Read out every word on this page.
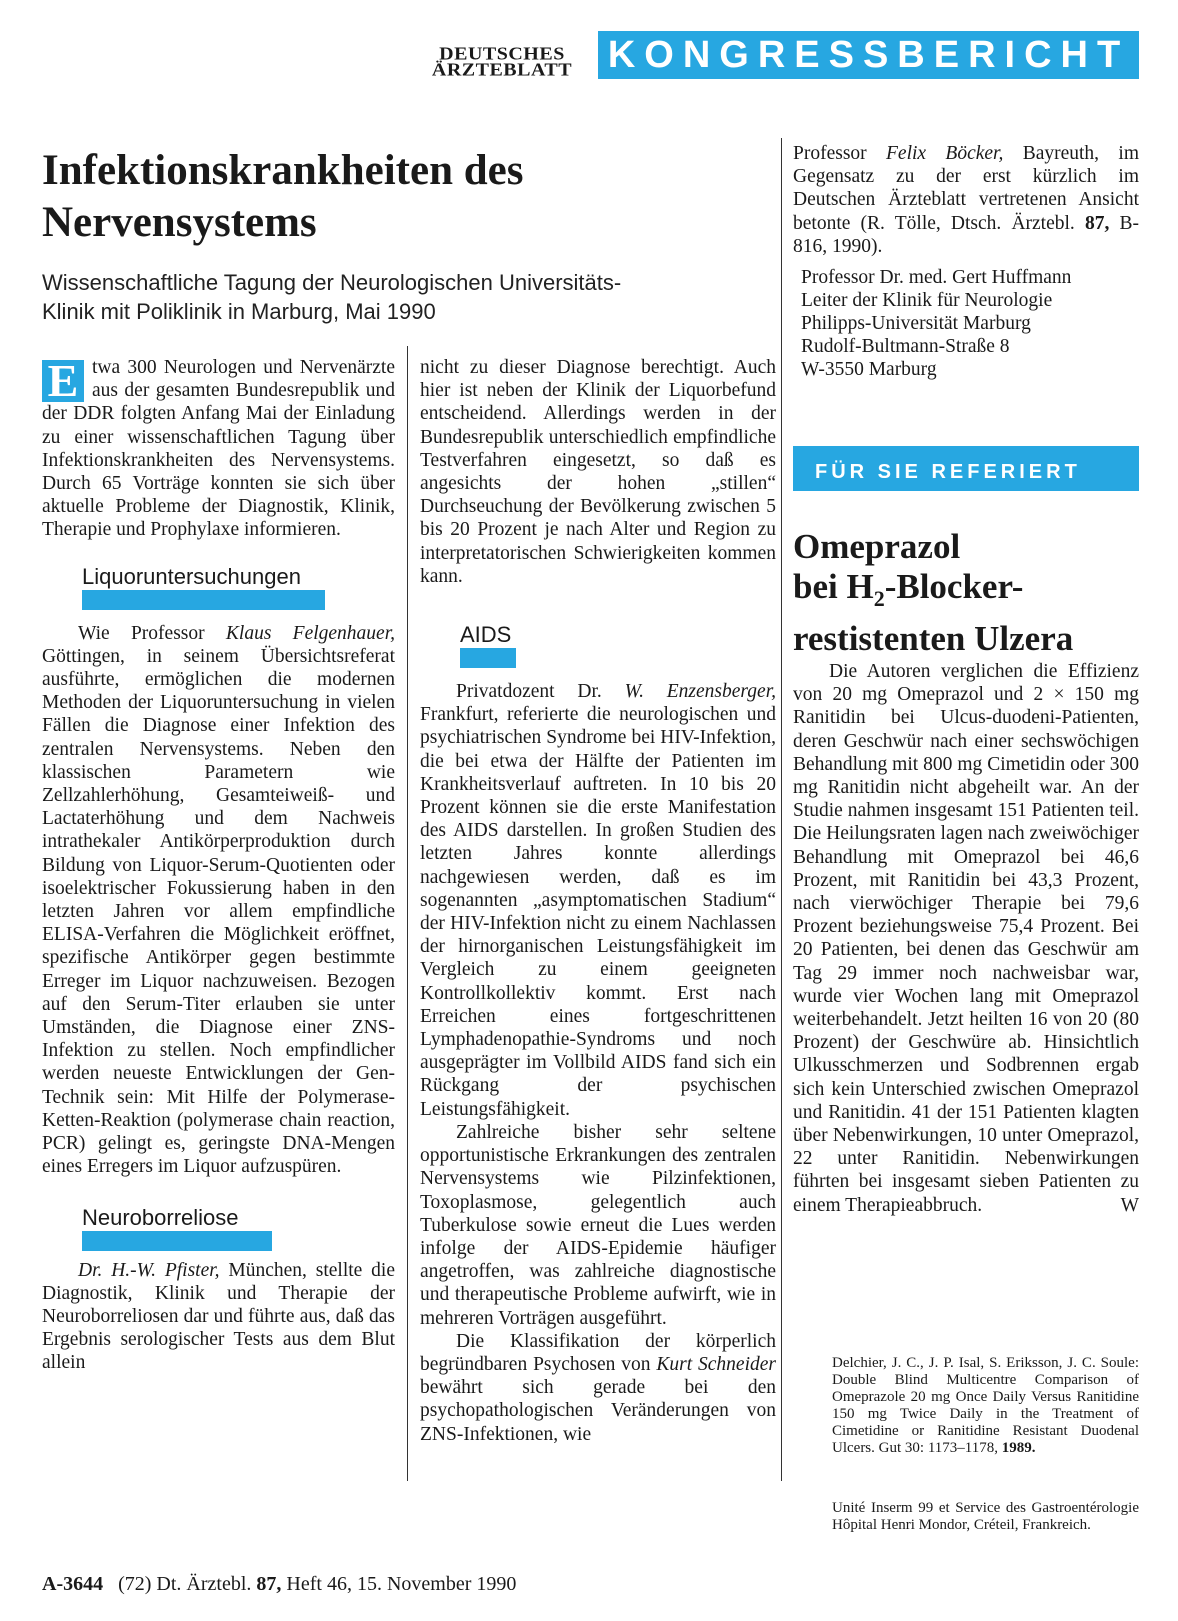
DEUTSCHES
ÄRZTEBLATT KONGRESSBERICHT
Infektionskrankheiten des
Nervensystems
Wissenschaftliche Tagung der Neurologischen Universitäts-
Klinik mit Poliklinik in Marburg, Mai 1990

E twa 300 Neurologen und Nervenärzte aus der gesamten Bundesrepublik und der DDR folgten Anfang Mai der Einladung zu einer wissenschaftlichen Tagung über Infektionskrankheiten des Nervensystems. Durch 65 Vorträge konnten sie sich über aktuelle Probleme der Diagnostik, Klinik, Therapie und Prophylaxe informieren.

Liquoruntersuchungen

Wie Professor Klaus Felgenhauer, Göttingen, in seinem Übersichtsreferat ausführte, ermöglichen die modernen Methoden der Liquoruntersuchung in vielen Fällen die Diagnose einer Infektion des zentralen Nervensystems. Neben den klassischen Parametern wie Zellzahlerhöhung, Gesamteiweiß- und Lactaterhöhung und dem Nachweis intrathekaler Antikörperproduktion durch Bildung von Liquor-Serum-Quotienten oder isoelektrischer Fokussierung haben in den letzten Jahren vor allem empfindliche ELISA-Verfahren die Möglichkeit eröffnet, spezifische Antikörper gegen bestimmte Erreger im Liquor nachzuweisen. Bezogen auf den Serum-Titer erlauben sie unter Umständen, die Diagnose einer ZNS-Infektion zu stellen. Noch empfindlicher werden neueste Entwicklungen der Gen-Technik sein: Mit Hilfe der Polymerase-Ketten-Reaktion (polymerase chain reaction, PCR) gelingt es, geringste DNA-Mengen eines Erregers im Liquor aufzuspüren.

Neuroborreliose

Dr. H.-W. Pfister, München, stellte die Diagnostik, Klinik und Therapie der Neuroborreliosen dar und führte aus, daß das Ergebnis serologischer Tests aus dem Blut allein

nicht zu dieser Diagnose berechtigt. Auch hier ist neben der Klinik der Liquorbefund entscheidend. Allerdings werden in der Bundesrepublik unterschiedlich empfindliche Testverfahren eingesetzt, so daß es angesichts der hohen „stillen“ Durchseuchung der Bevölkerung zwischen 5 bis 20 Prozent je nach Alter und Region zu interpretatorischen Schwierigkeiten kommen kann.

AIDS

Privatdozent Dr. W. Enzensberger, Frankfurt, referierte die neurologischen und psychiatrischen Syndrome bei HIV-Infektion, die bei etwa der Hälfte der Patienten im Krankheitsverlauf auftreten. In 10 bis 20 Prozent können sie die erste Manifestation des AIDS darstellen. In großen Studien des letzten Jahres konnte allerdings nachgewiesen werden, daß es im sogenannten „asymptomatischen Stadium“ der HIV-Infektion nicht zu einem Nachlassen der hirnorganischen Leistungsfähigkeit im Vergleich zu einem geeigneten Kontrollkollektiv kommt. Erst nach Erreichen eines fortgeschrittenen Lymphadenopathie-Syndroms und noch ausgeprägter im Vollbild AIDS fand sich ein Rückgang der psychischen Leistungsfähigkeit.

Zahlreiche bisher sehr seltene opportunistische Erkrankungen des zentralen Nervensystems wie Pilzinfektionen, Toxoplasmose, gelegentlich auch Tuberkulose sowie erneut die Lues werden infolge der AIDS-Epidemie häufiger angetroffen, was zahlreiche diagnostische und therapeutische Probleme aufwirft, wie in mehreren Vorträgen ausgeführt.

Die Klassifikation der körperlich begründbaren Psychosen von Kurt Schneider bewährt sich gerade bei den psychopathologischen Veränderungen von ZNS-Infektionen, wie

Professor Felix Böcker, Bayreuth, im Gegensatz zu der erst kürzlich im Deutschen Ärzteblatt vertretenen Ansicht betonte (R. Tölle, Dtsch. Ärztebl. 87, B-816, 1990).

Professor Dr. med. Gert Huffmann
Leiter der Klinik für Neurologie
Philipps-Universität Marburg
Rudolf-Bultmann-Straße 8
W-3550 Marburg
FÜR SIE REFERIERT
Omeprazol
bei $H_2-Blocker-$
restistenten Ulzera

Die Autoren verglichen die Effizienz von 20 mg Omeprazol und 2 × 150 mg Ranitidin bei Ulcus-duodeni-Patienten, deren Geschwür nach einer sechswöchigen Behandlung mit 800 mg Cimetidin oder 300 mg Ranitidin nicht abgeheilt war. An der Studie nahmen insgesamt 151 Patienten teil. Die Heilungsraten lagen nach zweiwöchiger Behandlung mit Omeprazol bei 46,6 Prozent, mit Ranitidin bei 43,3 Prozent, nach vierwöchiger Therapie bei 79,6 Prozent beziehungsweise 75,4 Prozent. Bei 20 Patienten, bei denen das Geschwür am Tag 29 immer noch nachweisbar war, wurde vier Wochen lang mit Omeprazol weiterbehandelt. Jetzt heilten 16 von 20 (80 Prozent) der Geschwüre ab. Hinsichtlich Ulkusschmerzen und Sodbrennen ergab sich kein Unterschied zwischen Omeprazol und Ranitidin. 41 der 151 Patienten klagten über Nebenwirkungen, 10 unter Omeprazol, 22 unter Ranitidin. Nebenwirkungen führten bei insgesamt sieben Patienten zu einem Therapieabbruch.	W

Delchier, J. C., J. P. Isal, S. Eriksson, J. C. Soule: Double Blind Multicentre Comparison of Omeprazole 20 mg Once Daily Versus Ranitidine 150 mg Twice Daily in the Treatment of Cimetidine or Ranitidine Resistant Duodenal Ulcers. Gut 30: 1173–1178, 1989.
Unité Inserm 99 et Service des Gastroentérologie Hôpital Henri Mondor, Créteil, Frankreich.
A-3644 (72) Dt. Ärztebl. 87, Heft 46, 15. November 1990
